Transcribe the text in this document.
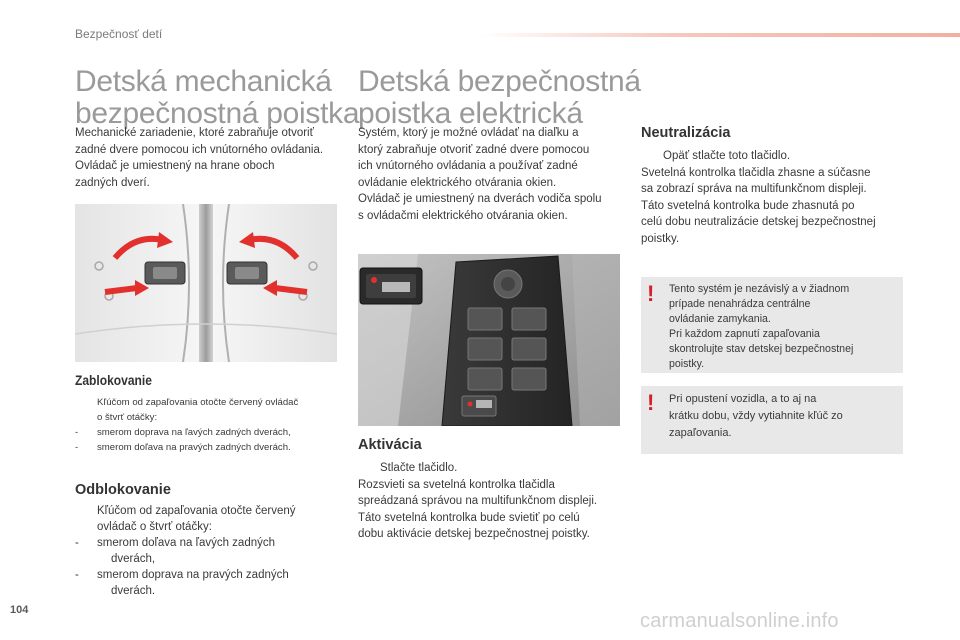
Bezpečnosť detí
Detská mechanická
bezpečnostná poistka
Mechanické zariadenie, ktoré zabraňuje otvoriť
zadné dvere pomocou ich vnútorného ovládania.
Ovládač je umiestnený na hrane oboch
zadných dverí.
Zablokovanie
Kľúčom od zapaľovania otočte červený ovládač
o štvrť otáčky:
- smerom doprava na ľavých zadných dverách,
- smerom doľava na pravých zadných dverách.
Odblokovanie
Kľúčom od zapaľovania otočte červený
ovládač o štvrť otáčky:
- smerom doľava na ľavých zadných
dverách,
- smerom doprava na pravých zadných
dverách.
Detská bezpečnostná
poistka elektrická
Systém, ktorý je možné ovládať na diaľku a
ktorý zabraňuje otvoriť zadné dvere pomocou
ich vnútorného ovládania a používať zadné
ovládanie elektrického otvárania okien.
Ovládač je umiestnený na dverách vodiča spolu
s ovládačmi elektrického otvárania okien.
Aktivácia
Stlačte tlačidlo.
Rozsvieti sa svetelná kontrolka tlačidla
spreádzaná správou na multifunkčnom displeji.
Táto svetelná kontrolka bude svietiť po celú
dobu aktivácie detskej bezpečnostnej poistky.
Neutralizácia
Opäť stlačte toto tlačidlo.
Svetelná kontrolka tlačidla zhasne a súčasne
sa zobrazí správa na multifunkčnom displeji.
Táto svetelná kontrolka bude zhasnutá po
celú dobu neutralizácie detskej bezpečnostnej
poistky.
! Tento systém je nezávislý a v žiadnom
prípade nenahrádza centrálne
ovládanie zamykania.
Pri každom zapnutí zapaľovania
skontrolujte stav detskej bezpečnostnej
poistky.
! Pri opustení vozidla, a to aj na
krátku dobu, vždy vytiahnite kľúč zo
zapaľovania.
104	carmanualsonline.info
